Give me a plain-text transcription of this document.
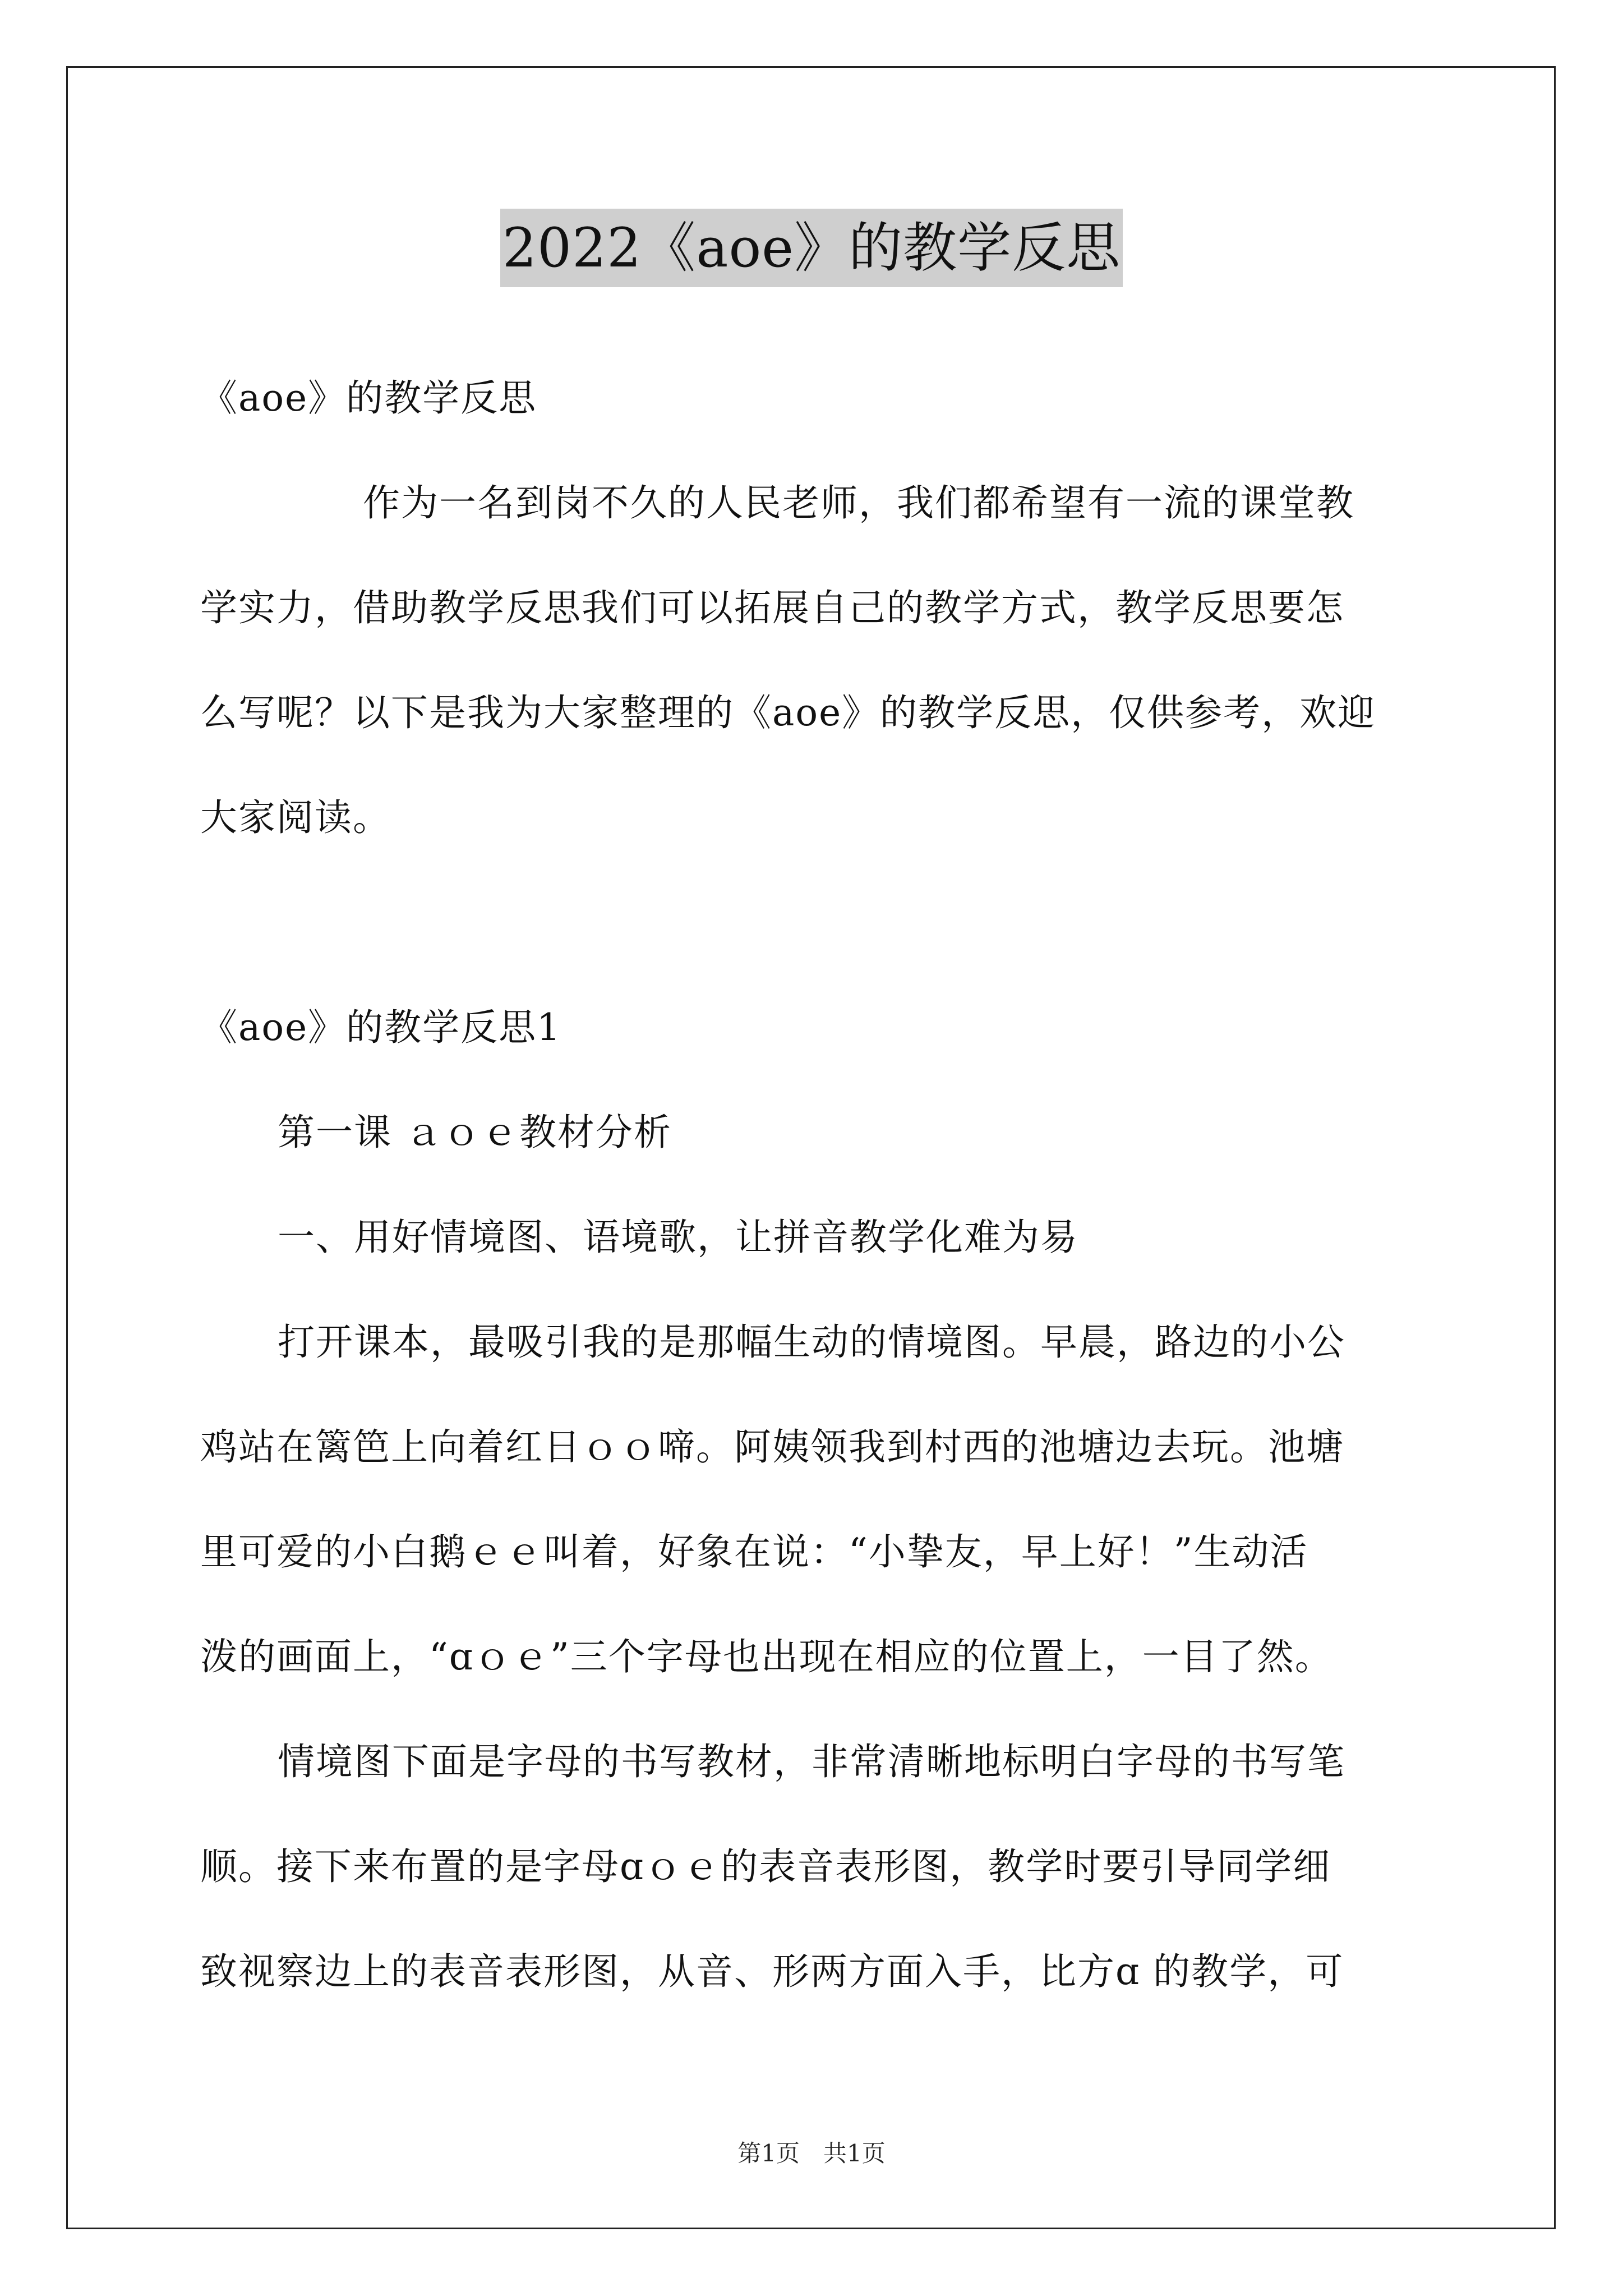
2022《aoe》的教学反思
《aoe》的教学反思
作为一名到岗不久的人民老师，我们都希望有一流的课堂教
学实力，借助教学反思我们可以拓展自己的教学方式，教学反思要怎
么写呢？以下是我为大家整理的《aoe》的教学反思，仅供参考，欢迎
大家阅读。
《aoe》的教学反思1
第一课 ａｏｅ教材分析
一、用好情境图、语境歌，让拼音教学化难为易
打开课本，最吸引我的是那幅生动的情境图。早晨，路边的小公
鸡站在篱笆上向着红日ｏｏ啼。阿姨领我到村西的池塘边去玩。池塘
里可爱的小白鹅ｅｅ叫着，好象在说：“小挚友，早上好！”生动活
泼的画面上，“ɑｏｅ”三个字母也出现在相应的位置上，一目了然。
情境图下面是字母的书写教材，非常清晰地标明白字母的书写笔
顺。接下来布置的是字母ɑｏｅ的表音表形图，教学时要引导同学细
致视察边上的表音表形图，从音、形两方面入手，比方ɑ 的教学，可
第1页　共1页
